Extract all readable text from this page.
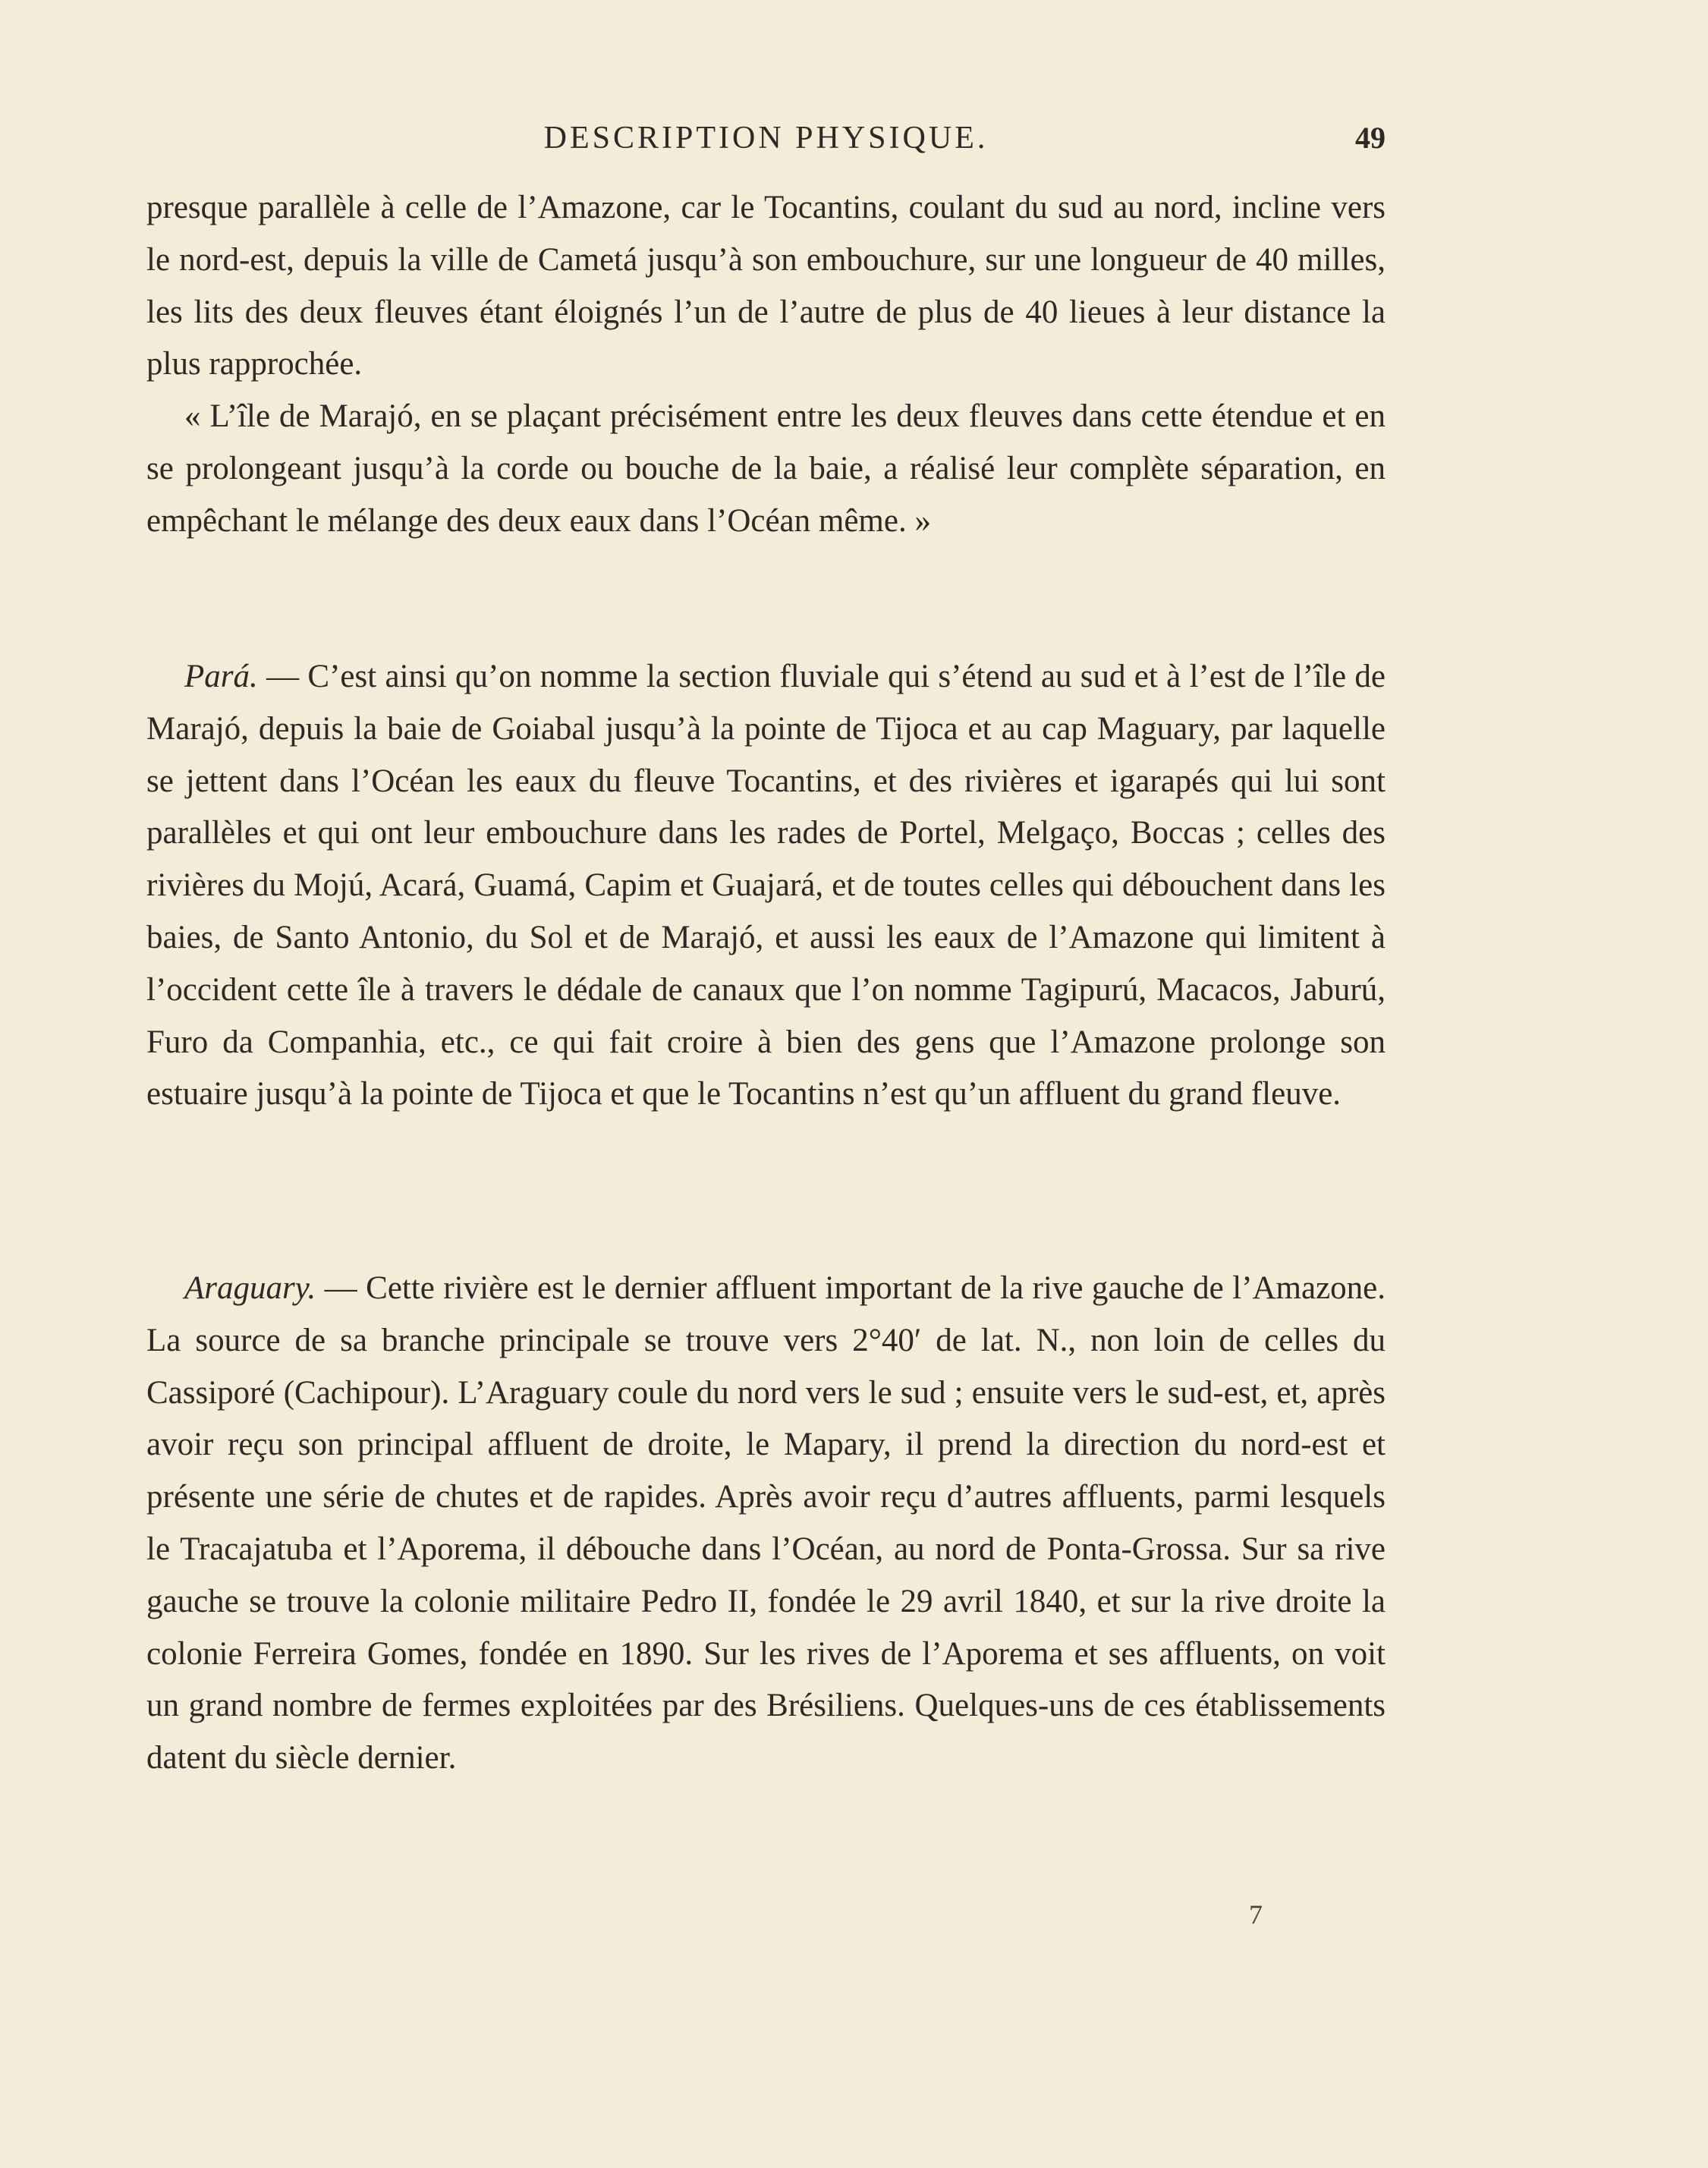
DESCRIPTION PHYSIQUE.	49

presque parallèle à celle de l’Amazone, car le Tocantins, coulant du sud au nord, incline vers le nord-est, depuis la ville de Cametá jusqu’à son embouchure, sur une longueur de 40 milles, les lits des deux fleuves étant éloignés l’un de l’autre de plus de 40 lieues à leur distance la plus rapprochée.

« L’île de Marajó, en se plaçant précisément entre les deux fleuves dans cette étendue et en se prolongeant jusqu’à la corde ou bouche de la baie, a réalisé leur complète séparation, en empêchant le mélange des deux eaux dans l’Océan même. »

Pará. — C’est ainsi qu’on nomme la section fluviale qui s’étend au sud et à l’est de l’île de Marajó, depuis la baie de Goiabal jusqu’à la pointe de Tijoca et au cap Maguary, par laquelle se jettent dans l’Océan les eaux du fleuve Tocantins, et des rivières et igarapés qui lui sont parallèles et qui ont leur embouchure dans les rades de Portel, Melgaço, Boccas ; celles des rivières du Mojú, Acará, Guamá, Capim et Guajará, et de toutes celles qui débouchent dans les baies, de Santo Antonio, du Sol et de Marajó, et aussi les eaux de l’Amazone qui limitent à l’occident cette île à travers le dédale de canaux que l’on nomme Tagipurú, Macacos, Jaburú, Furo da Companhia, etc., ce qui fait croire à bien des gens que l’Amazone prolonge son estuaire jusqu’à la pointe de Tijoca et que le Tocantins n’est qu’un affluent du grand fleuve.

Araguary. — Cette rivière est le dernier affluent important de la rive gauche de l’Amazone. La source de sa branche principale se trouve vers 2°40′ de lat. N., non loin de celles du Cassiporé (Cachipour). L’Araguary coule du nord vers le sud ; ensuite vers le sud-est, et, après avoir reçu son principal affluent de droite, le Mapary, il prend la direction du nord-est et présente une série de chutes et de rapides. Après avoir reçu d’autres affluents, parmi lesquels le Tracajatuba et l’Aporema, il débouche dans l’Océan, au nord de Ponta-Grossa. Sur sa rive gauche se trouve la colonie militaire Pedro II, fondée le 29 avril 1840, et sur la rive droite la colonie Ferreira Gomes, fondée en 1890. Sur les rives de l’Aporema et ses affluents, on voit un grand nombre de fermes exploitées par des Brésiliens. Quelques-uns de ces établissements datent du siècle dernier.

7
